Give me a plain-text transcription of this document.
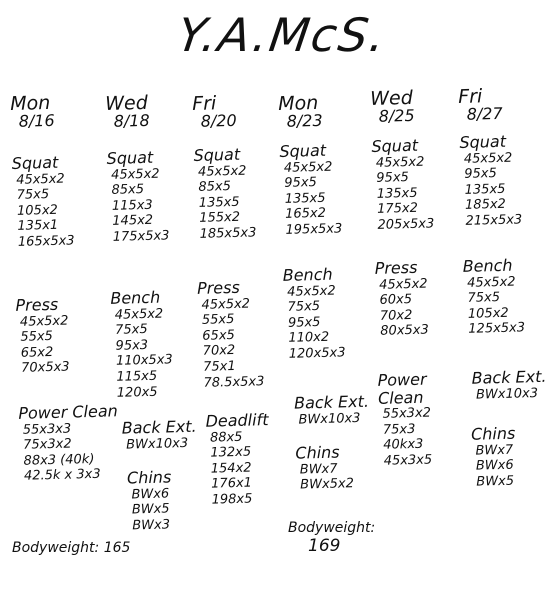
Y.A.McS.
Mon
8/16
Squat
45x5x2
75x5
105x2
135x1
165x5x3
Press
45x5x2
55x5
65x2
70x5x3
Power Clean
55x3x3
75x3x2
88x3 (40k)
42.5k x 3x3
Wed
8/18
Squat
45x5x2
85x5
115x3
145x2
175x5x3
Bench
45x5x2
75x5
95x3
110x5x3
115x5
120x5
Back Ext.
BWx10x3
Chins
BWx6
BWx5
BWx3
Fri
8/20
Squat
45x5x2
85x5
135x5
155x2
185x5x3
Press
45x5x2
55x5
65x5
70x2
75x1
78.5x5x3
Deadlift
88x5
132x5
154x2
176x1
198x5
Mon
8/23
Squat
45x5x2
95x5
135x5
165x2
195x5x3
Bench
45x5x2
75x5
95x5
110x2
120x5x3
Back Ext.
BWx10x3
Chins
BWx7
BWx5x2
Wed
8/25
Squat
45x5x2
95x5
135x5
175x2
205x5x3
Press
45x5x2
60x5
70x2
80x5x3
Power Clean
55x3x2
75x3
40kx3
45x3x5
Fri
8/27
Squat
45x5x2
95x5
135x5
185x2
215x5x3
Bench
45x5x2
75x5
105x2
125x5x3
Back Ext.
BWx10x3
Chins
BWx7
BWx6
BWx5
Bodyweight: 165
Bodyweight:
169
